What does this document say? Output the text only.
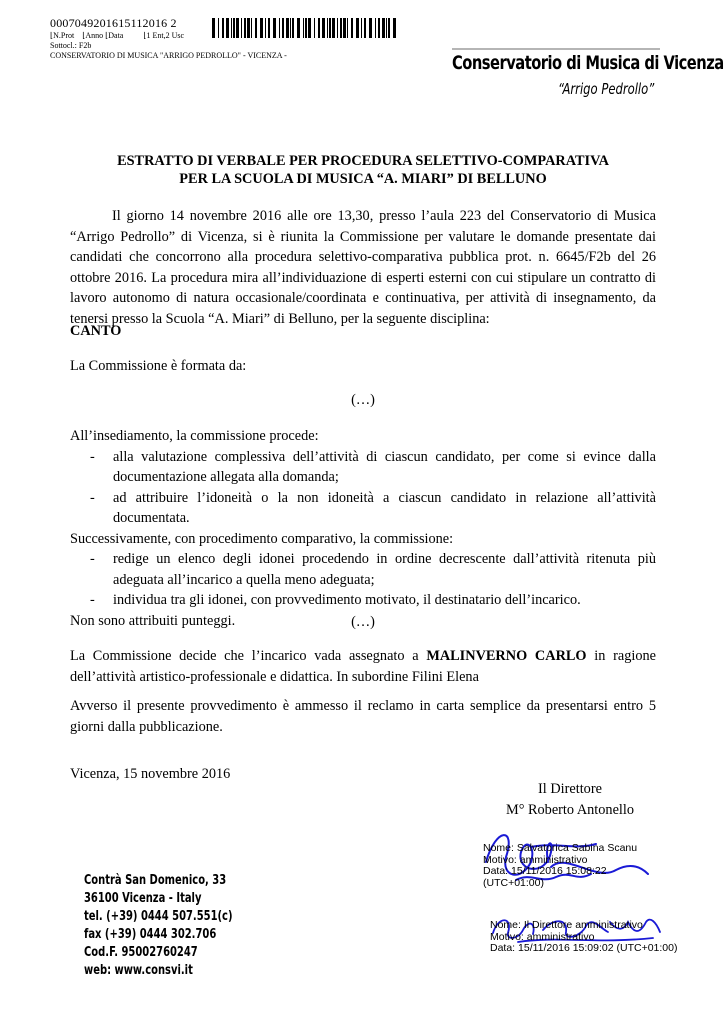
0007049201615112016 2
⌊N.Prot    ⌊Anno ⌊Data          ⌊1 Ent,2 Usc
Sottocl.: F2b
CONSERVATORIO DI MUSICA "ARRIGO PEDROLLO" - VICENZA -	Conservatorio di Musica di Vicenza
“Arrigo Pedrollo”
ESTRATTO DI VERBALE PER PROCEDURA SELETTIVO-COMPARATIVA
PER LA SCUOLA DI MUSICA “A. MIARI” DI BELLUNO

Il giorno 14 novembre 2016 alle ore 13,30, presso l’aula 223 del Conservatorio di Musica “Arrigo Pedrollo” di Vicenza, si è riunita la Commissione per valutare le domande presentate dai candidati che concorrono alla procedura selettivo-comparativa pubblica prot. n. 6645/F2b del 26 ottobre 2016. La procedura mira all’individuazione di esperti esterni con cui stipulare un contratto di lavoro autonomo di natura occasionale/coordinata e continuativa, per attività di insegnamento, da tenersi presso la Scuola “A. Miari” di Belluno, per la seguente disciplina:

CANTO
La Commissione è formata da:
(…)

All’insediamento, la commissione procede:

- alla valutazione complessiva dell’attività di ciascun candidato, per come si evince dalla documentazione allegata alla domanda;
- ad attribuire l’idoneità o la non idoneità a ciascun candidato in relazione all’attività documentata.

Successivamente, con procedimento comparativo, la commissione:

- redige un elenco degli idonei procedendo in ordine decrescente dall’attività ritenuta più adeguata all’incarico a quella meno adeguata;
- individua tra gli idonei, con provvedimento motivato, il destinatario dell’incarico.

Non sono attribuiti punteggi.	(…)

La Commissione decide che l’incarico vada assegnato a MALINVERNO CARLO in ragione dell’attività artistico-professionale e didattica. In subordine Filini Elena

Avverso il presente provvedimento è ammesso il reclamo in carta semplice da presentarsi entro 5 giorni dalla pubblicazione.
Vicenza, 15 novembre 2016
Il Direttore
M° Roberto Antonello
Nome: Salvatorica Sabina Scanu
Motivo: amministrativo
Data: 15/11/2016 15:08:22
(UTC+01:00)
Nome: Il Direttore amministrativo
Motivo: amministrativo
Data: 15/11/2016 15:09:02 (UTC+01:00)
Contrà San Domenico, 33
36100 Vicenza - Italy
tel. (+39) 0444 507.551(c)
fax (+39) 0444 302.706
Cod.F. 95002760247
web: www.consvi.it
